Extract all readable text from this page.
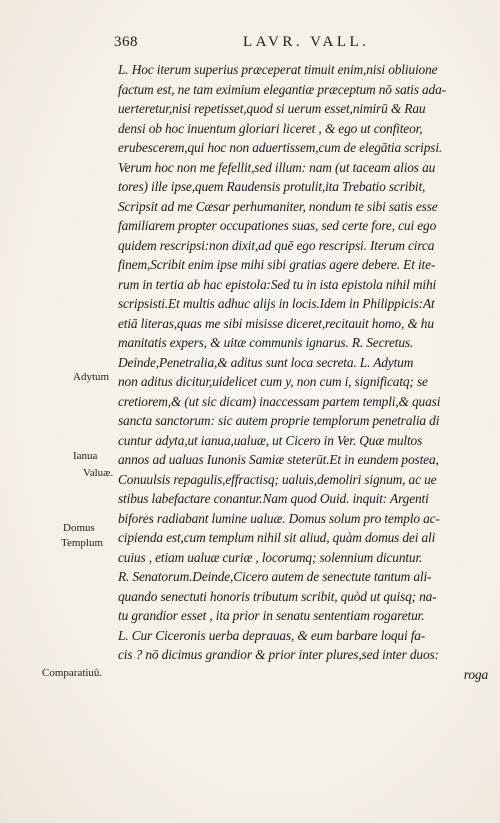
368	LAVR. VALL.
L. Hoc iterum superius præceperat timuit enim,nisi obliuione
factum est, ne tam eximium elegantiæ præceptum nō satis ada-
uerteretur,nisi repetisset,quod si uerum esset,nimirū & Rau
densi ob hoc inuentum gloriari liceret , & ego ut confiteor,
erubescerem,qui hoc non aduertissem,cum de elegātia scripsi.
Verum hoc non me fefellit,sed illum: nam (ut taceam alios au
tores) ille ipse,quem Raudensis protulit,ita Trebatio scribit,
Scripsit ad me Cæsar perhumaniter, nondum te sibi satis esse
familiarem propter occupationes suas, sed certe fore, cui ego
quidem rescripsi:non dixit,ad quē ego rescripsi. Iterum circa
finem,Scribit enim ipse mihi sibi gratias agere debere. Et ite-
rum in tertia ab hac epistola:Sed tu in ista epistola nihil mihi
scripsisti.Et multis adhuc alijs in locis.Idem in Philippicis:At
etiā literas,quas me sibi misisse diceret,recitauit homo, & hu
manitatis expers, & uitæ communis ignarus. R. Secretus.
Deinde,Penetralia,& aditus sunt loca secreta. L. Adytum
non aditus dicitur,uidelicet cum y, non cum i, significatq; se
cretiorem,& (ut sic dicam) inaccessam partem templi,& quasi
sancta sanctorum: sic autem proprie templorum penetralia di
cuntur adyta,ut ianua,ualuæ, ut Cicero in Ver. Quæ multos
annos ad ualuas Iunonis Samiæ steterūt.Et in eundem postea,
Conuulsis repagulis,effractisq; ualuis,demoliri signum, ac ue
stibus labefactare conantur.Nam quod Ouid. inquit: Argenti
bifores radiabant lumine ualuæ. Domus solum pro templo ac-
cipienda est,cum templum nihil sit aliud, quàm domus dei ali
cuius , etiam ualuæ curiæ , locorumq; solennium dicuntur.
R. Senatorum.Deinde,Cicero autem de senectute tantum ali-
quando senectuti honoris tributum scribit, quòd ut quisq; na-
tu grandior esset , ita prior in senatu sententiam rogaretur.
L. Cur Ciceronis uerba deprauas, & eum barbare loqui fa-
cis ? nō dicimus grandior & prior inter plures,sed inter duos:
roga
Adytum
Ianua
Valuæ.
Domus
Templum
Comparatiuū.
